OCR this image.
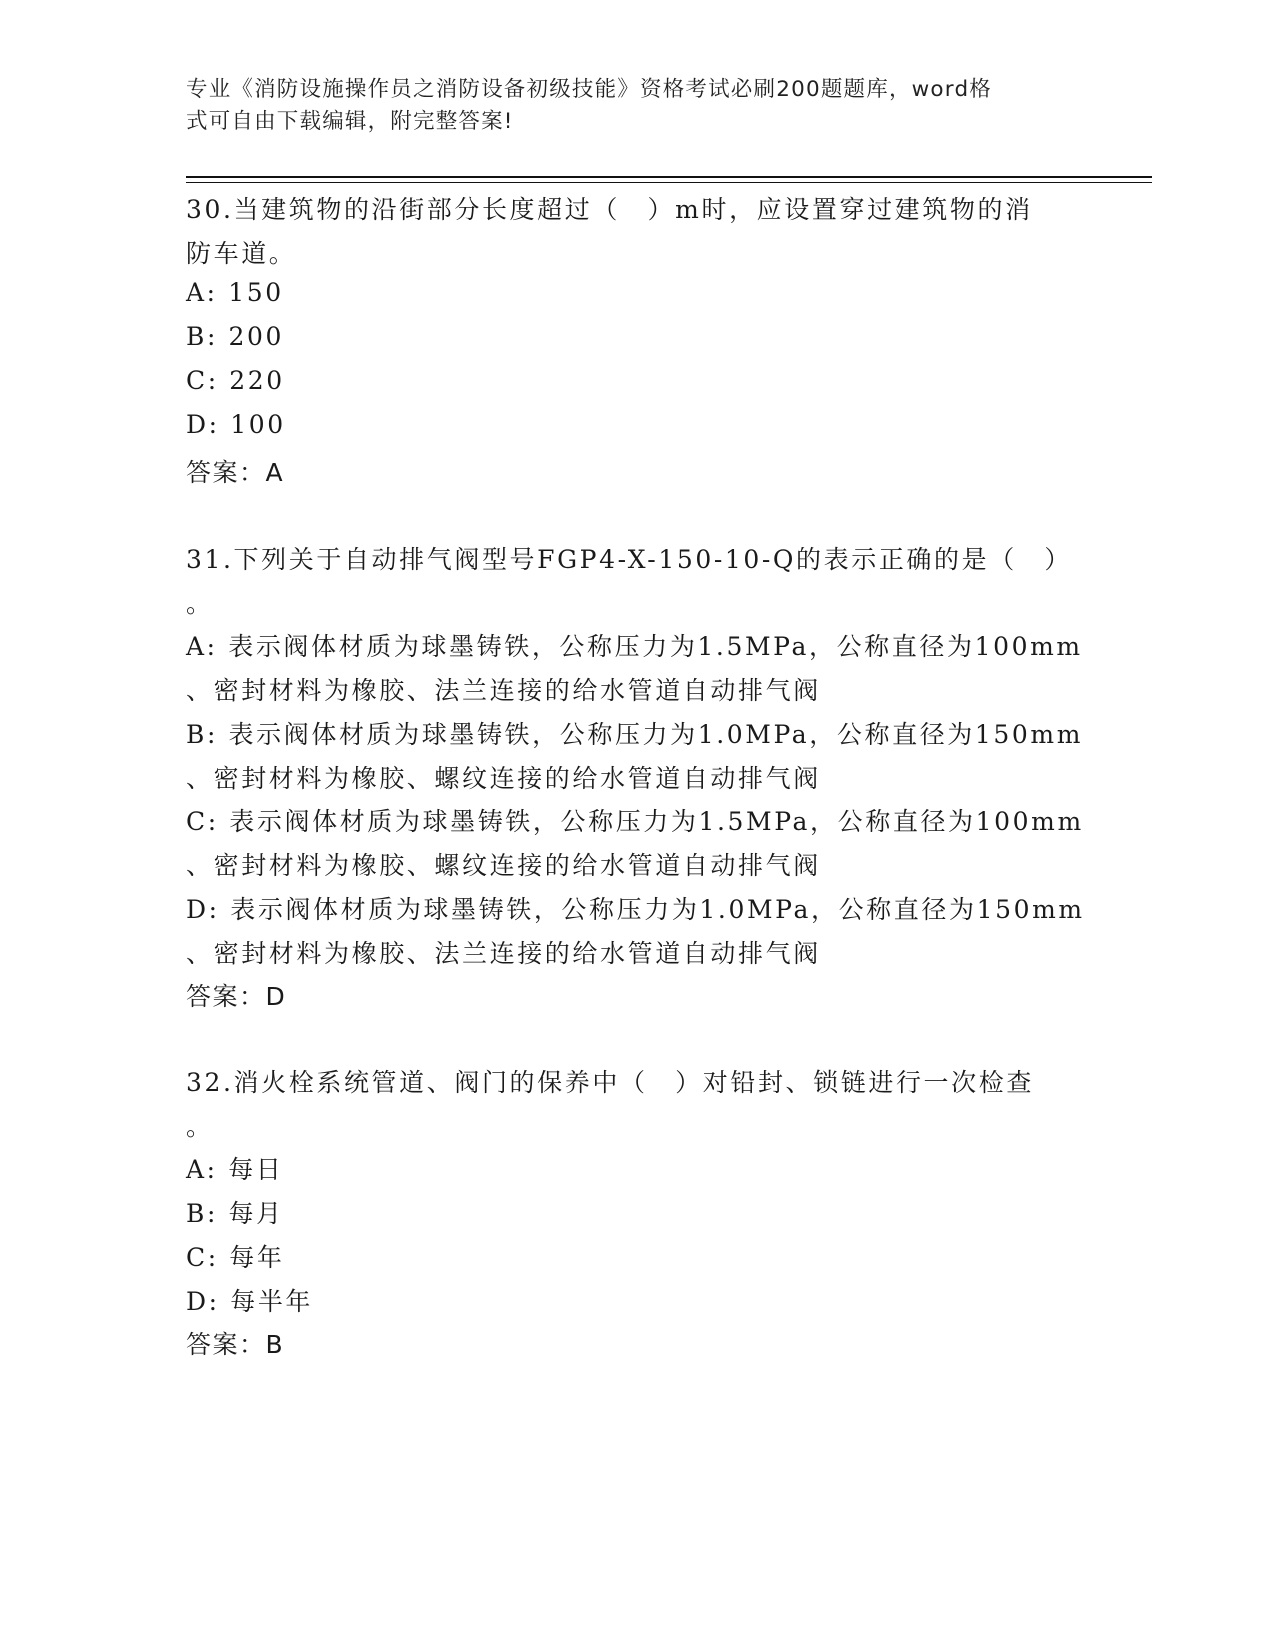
专业《消防设施操作员之消防设备初级技能》资格考试必刷200题题库，word格
式可自由下载编辑，附完整答案!
30.当建筑物的沿街部分长度超过（　）m时，应设置穿过建筑物的消
防车道。
A: 150
B: 200
C: 220
D: 100
答案：A
31.下列关于自动排气阀型号FGP4-X-150-10-Q的表示正确的是（　）
。
A: 表示阀体材质为球墨铸铁，公称压力为1.5MPa，公称直径为100mm
、密封材料为橡胶、法兰连接的给水管道自动排气阀
B: 表示阀体材质为球墨铸铁，公称压力为1.0MPa，公称直径为150mm
、密封材料为橡胶、螺纹连接的给水管道自动排气阀
C: 表示阀体材质为球墨铸铁，公称压力为1.5MPa，公称直径为100mm
、密封材料为橡胶、螺纹连接的给水管道自动排气阀
D: 表示阀体材质为球墨铸铁，公称压力为1.0MPa，公称直径为150mm
、密封材料为橡胶、法兰连接的给水管道自动排气阀
答案：D
32.消火栓系统管道、阀门的保养中（　）对铅封、锁链进行一次检查
。
A: 每日
B: 每月
C: 每年
D: 每半年
答案：B
